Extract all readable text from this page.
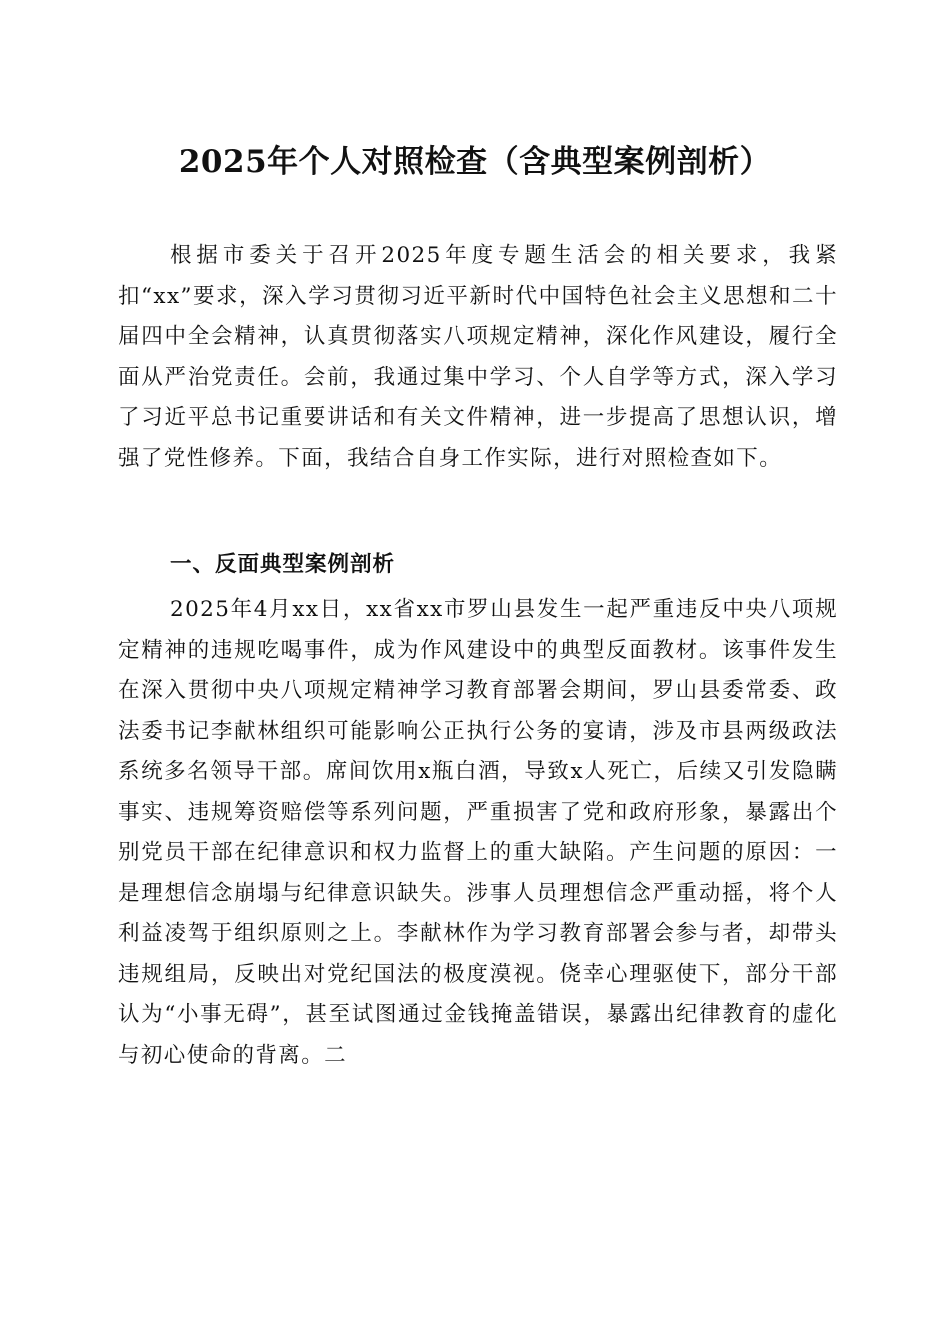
2025年个人对照检查（含典型案例剖析）

根据市委关于召开2025年度专题生活会的相关要求，我紧扣“xx”要求，深入学习贯彻习近平新时代中国特色社会主义思想和二十届四中全会精神，认真贯彻落实八项规定精神，深化作风建设，履行全面从严治党责任。会前，我通过集中学习、个人自学等方式，深入学习了习近平总书记重要讲话和有关文件精神，进一步提高了思想认识，增强了党性修养。下面，我结合自身工作实际，进行对照检查如下。

一、反面典型案例剖析

2025年4月xx日，xx省xx市罗山县发生一起严重违反中央八项规定精神的违规吃喝事件，成为作风建设中的典型反面教材。该事件发生在深入贯彻中央八项规定精神学习教育部署会期间，罗山县委常委、政法委书记李献林组织可能影响公正执行公务的宴请，涉及市县两级政法系统多名领导干部。席间饮用x瓶白酒，导致x人死亡，后续又引发隐瞒事实、违规筹资赔偿等系列问题，严重损害了党和政府形象，暴露出个别党员干部在纪律意识和权力监督上的重大缺陷。产生问题的原因：一是理想信念崩塌与纪律意识缺失。涉事人员理想信念严重动摇，将个人利益凌驾于组织原则之上。李献林作为学习教育部署会参与者，却带头违规组局，反映出对党纪国法的极度漠视。侥幸心理驱使下，部分干部认为“小事无碍”，甚至试图通过金钱掩盖错误，暴露出纪律教育的虚化与初心使命的背离。二
